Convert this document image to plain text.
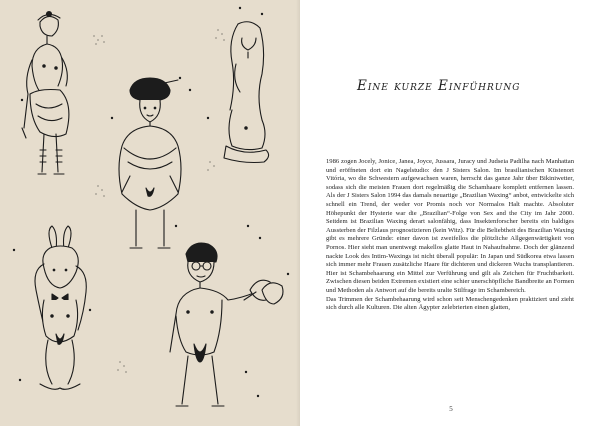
Eine kurze Einführung

1986 zogen Jocely, Jonice, Janea, Joyce, Jussara, Juracy und Judseia Padilha nach Manhattan und eröffneten dort ein Nagelstudio: den J Sisters Salon. Im brasilianischen Küstenort Vitória, wo die Schwestern aufgewachsen waren, herrscht das ganze Jahr über Bikiniwetter, sodass sich die meisten Frauen dort regelmäßig die Schamhaare komplett entfernen lassen. Als der J Sisters Salon 1994 das damals neuartige „Brazilian Waxing“ anbot, entwickelte sich schnell ein Trend, der weder vor Promis noch vor Normalos Halt machte. Absoluter Höhepunkt der Hysterie war die „Brazilian“-Folge von Sex and the City im Jahr 2000. Seitdem ist Brazilian Waxing derart salonfähig, dass Insektenforscher bereits ein baldiges Aussterben der Filzlaus prognostizieren (kein Witz). Für die Beliebtheit des Brazilian Waxing gibt es mehrere Gründe: einer davon ist zweifellos die plötzliche Allgegenwärtigkeit von Pornos. Hier sieht man unentwegt makellos glatte Haut in Nahaufnahme. Doch der glänzend nackte Look des Intim-Waxings ist nicht überall populär: In Japan und Südkorea etwa lassen sich immer mehr Frauen zusätzliche Haare für dichteren und dickeren Wuchs transplantieren. Hier ist Schambehaarung ein Mittel zur Verführung und gilt als Zeichen für Fruchtbarkeit. Zwischen diesen beiden Extremen existiert eine schier unerschöpfliche Bandbreite an Formen und Methoden als Antwort auf die bereits uralte Stilfrage im Schambereich.

Das Trimmen der Schambehaarung wird schon seit Menschengedenken praktiziert und zieht sich durch alle Kulturen. Die alten Ägypter zelebrierten einen glatten,

5
